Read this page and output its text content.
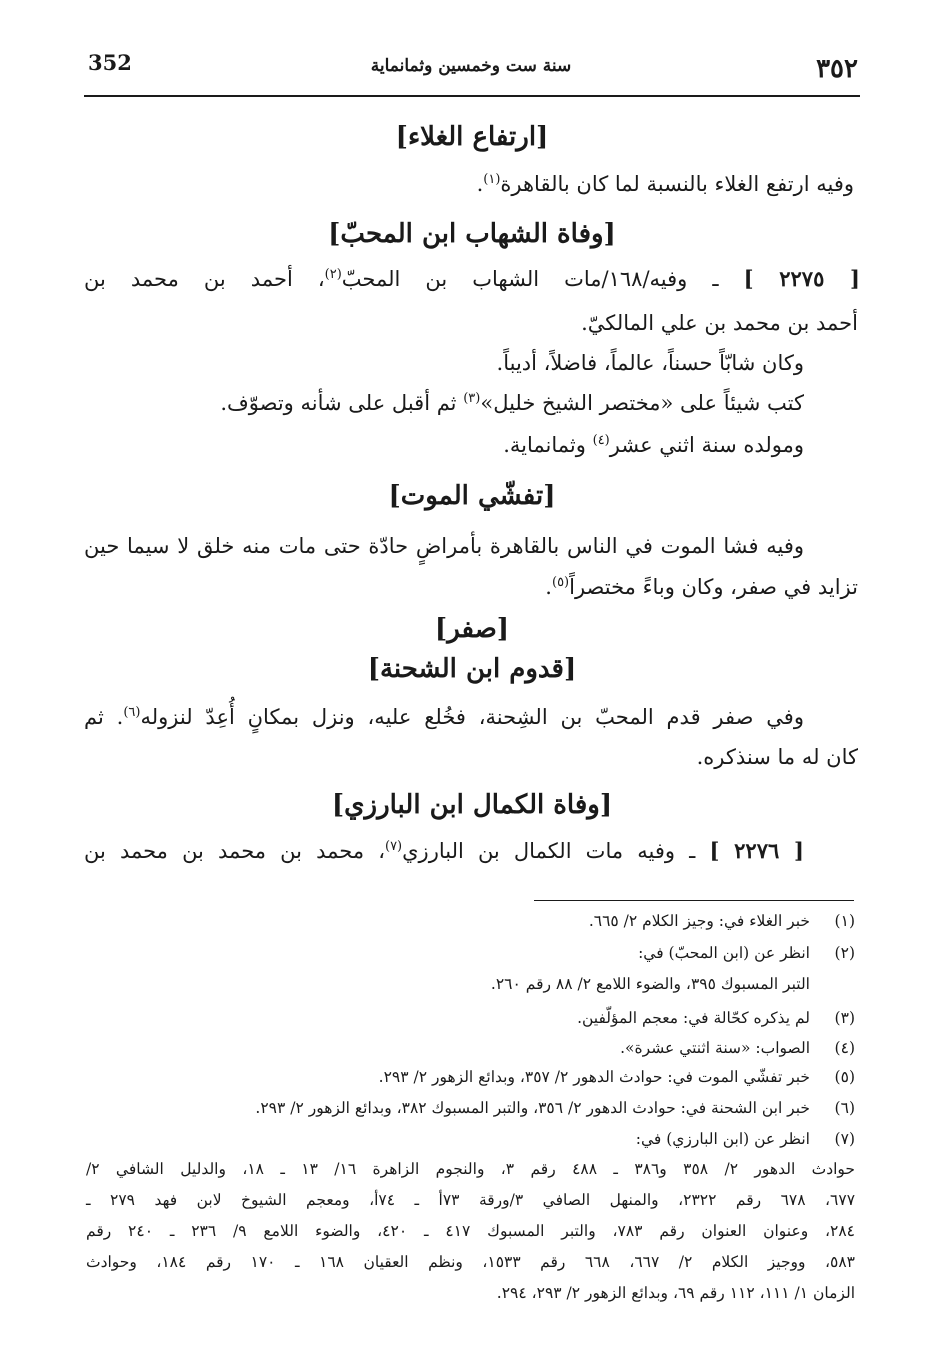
352	سنة ست وخمسين وثمانماية	٣٥٢
[ارتفاع الغلاء]
وفيه ارتفع الغلاء بالنسبة لما كان بالقاهرة$^{(١)}$.
[وفاة الشهاب ابن المحبّ]
[ ٢٢٧٥ ] ـ وفيه/١٦٨/مات الشهاب بن المحبّ$^{(٢)}$، أحمد بن محمد بن
أحمد بن محمد بن علي المالكيّ.
وكان شابّاً حسناً، عالماً، فاضلاً، أديباً.
كتب شيئاً على «مختصر الشيخ خليل»$^{(٣)}$ ثم أقبل على شأنه وتصوّف.
ومولده سنة اثني عشر$^{(٤)}$ وثمانماية.
[تفشّي الموت]
وفيه فشا الموت في الناس بالقاهرة بأمراضٍ حادّة حتى مات منه خلق لا سيما حين
تزايد في صفر، وكان وباءً مختصراً$^{(٥)}$.
[صفر]
[قدوم ابن الشحنة]
وفي صفر قدم المحبّ بن الشِحنة، فخُلع عليه، ونزل بمكانٍ أُعِدّ لنزوله$^{(٦)}$. ثم
كان له ما سنذكره.
[وفاة الكمال ابن البارزي]
[ ٢٢٧٦ ] ـ وفيه مات الكمال بن البارزي$^{(٧)}$، محمد بن محمد بن محمد بن
(١)
خبر الغلاء في: وجيز الكلام ٢/ ٦٦٥.
(٢)
انظر عن (ابن المحبّ) في:
التبر المسبوك ٣٩٥، والضوء اللامع ٢/ ٨٨ رقم ٢٦٠.
(٣)
لم يذكره كحّالة في: معجم المؤلّفين.
(٤)
الصواب: «سنة اثنتي عشرة».
(٥)
خبر تفشّي الموت في: حوادث الدهور ٢/ ٣٥٧، وبدائع الزهور ٢/ ٢٩٣.
(٦)
خبر ابن الشحنة في: حوادث الدهور ٢/ ٣٥٦، والتبر المسبوك ٣٨٢، وبدائع الزهور ٢/ ٢٩٣.
(٧)
انظر عن (ابن البارزي) في:
حوادث الدهور ٢/ ٣٥٨ و٣٨٦ ـ ٤٨٨ رقم ٣، والنجوم الزاهرة ١٦/ ١٣ ـ ١٨، والدليل الشافي ٢/
٦٧٧، ٦٧٨ رقم ٢٣٢٢، والمنهل الصافي ٣/ورقة ٧٣أ ـ ٧٤أ، ومعجم الشيوخ لابن فهد ٢٧٩ ـ
٢٨٤، وعنوان العنوان رقم ٧٨٣، والتبر المسبوك ٤١٧ ـ ٤٢٠، والضوء اللامع ٩/ ٢٣٦ ـ ٢٤٠ رقم
٥٨٣، ووجيز الكلام ٢/ ٦٦٧، ٦٦٨ رقم ١٥٣٣، ونظم العقيان ١٦٨ ـ ١٧٠ رقم ١٨٤، وحوادث
الزمان ١/ ١١١، ١١٢ رقم ٦٩، وبدائع الزهور ٢/ ٢٩٣، ٢٩٤.
